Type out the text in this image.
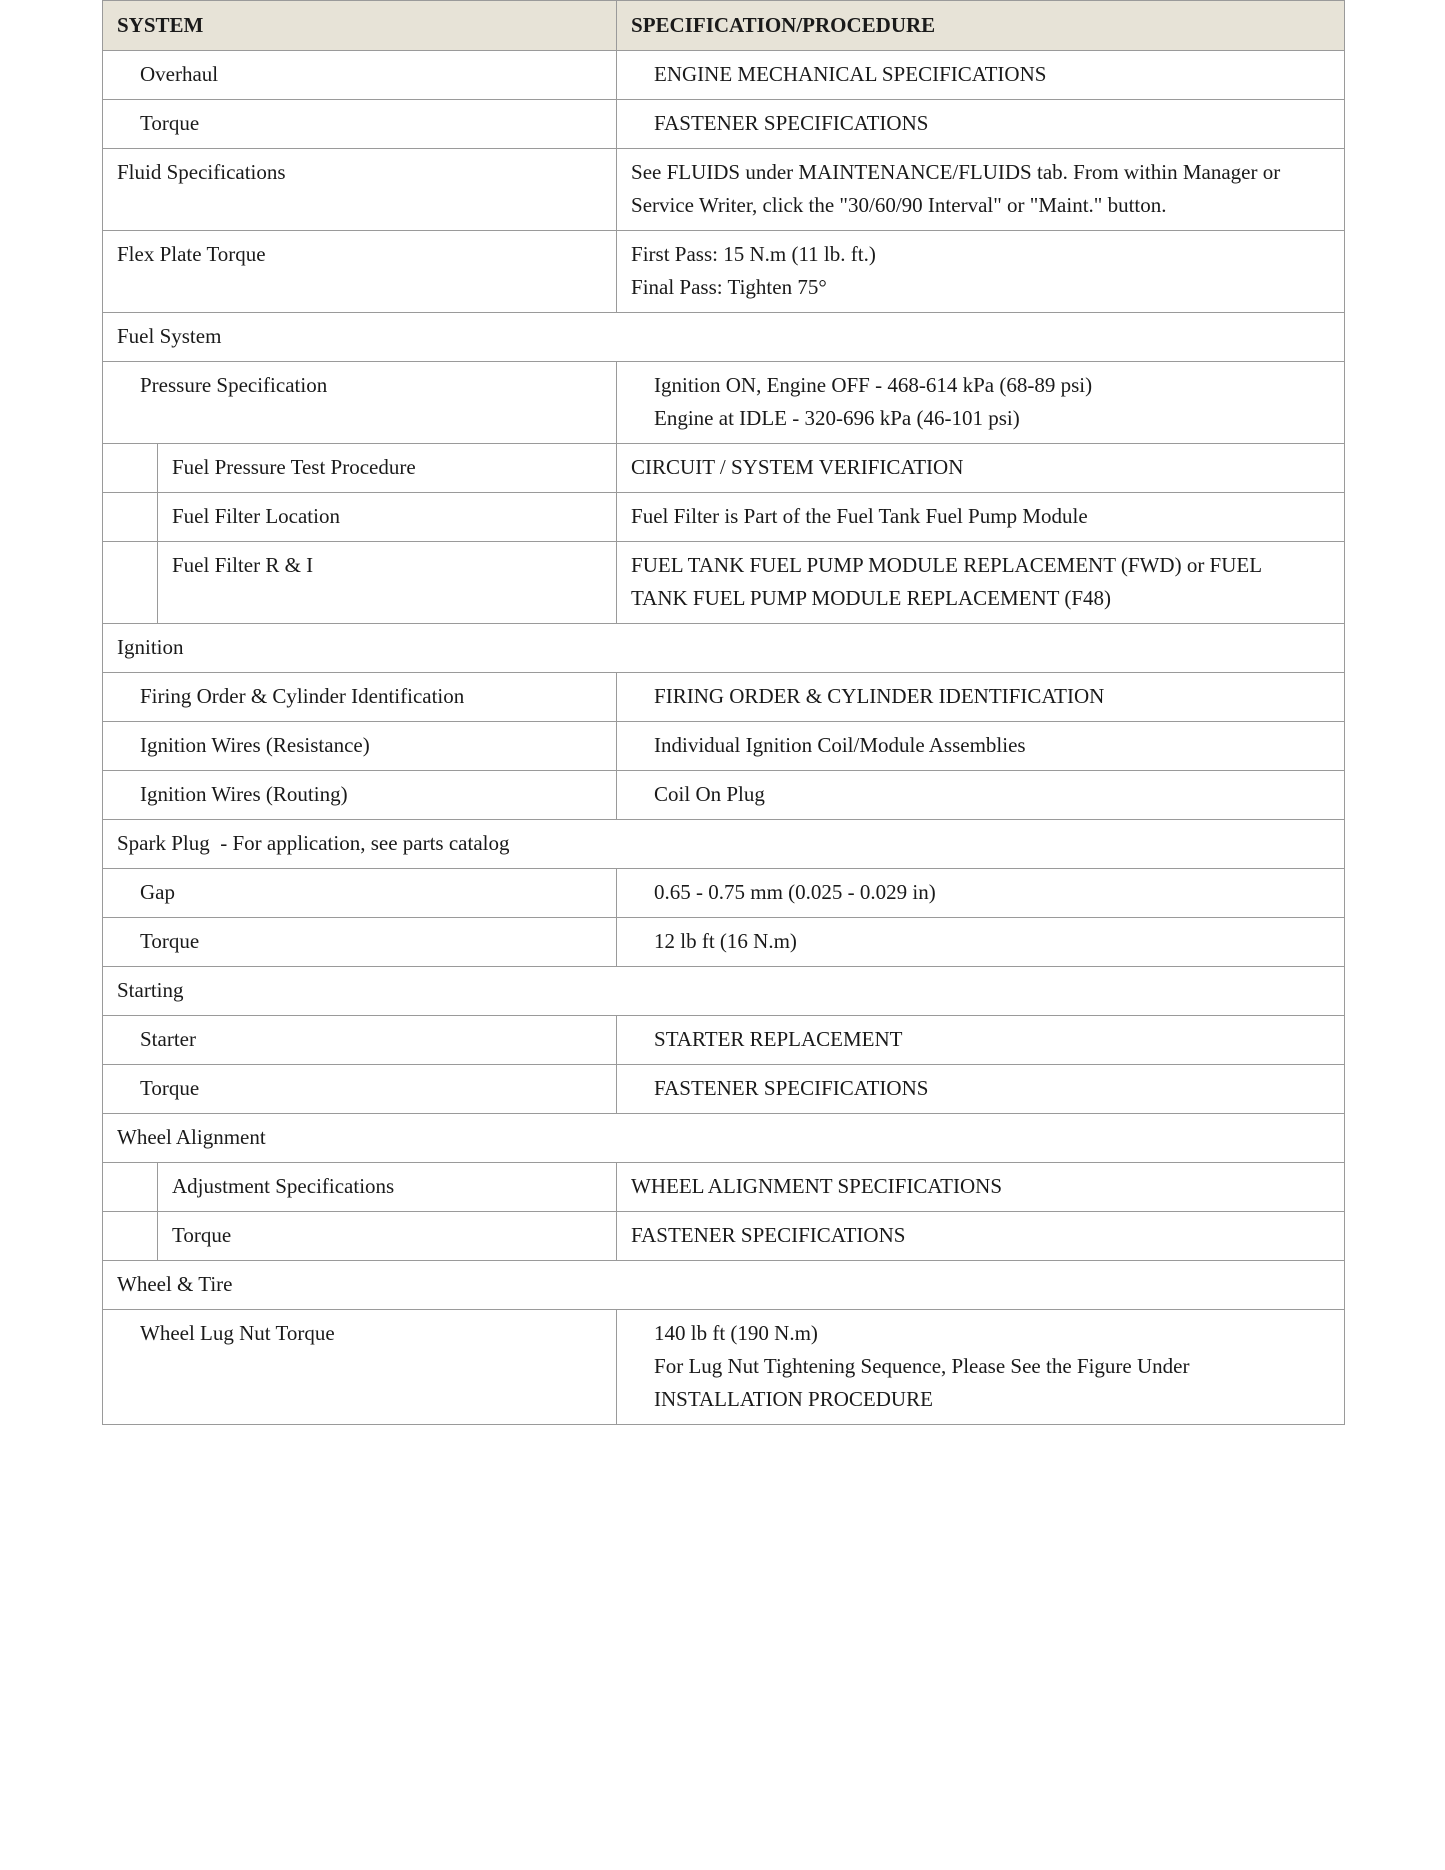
SYSTEM		SPECIFICATION/PROCEDURE
Overhaul		ENGINE MECHANICAL SPECIFICATIONS
Torque		FASTENER SPECIFICATIONS
Fluid Specifications		See FLUIDS under MAINTENANCE/FLUIDS tab. From within Manager or
Service Writer, click the "30/60/90 Interval" or "Maint." button.

Flex Plate Torque		First Pass: 15 N.m (11 lb. ft.)
Final Pass: Tighten 75°

Fuel System		
Pressure Specification		Ignition ON, Engine OFF - 468-614 kPa (68-89 psi)
Engine at IDLE - 320-696 kPa (46-101 psi)

	Fuel Pressure Test Procedure	CIRCUIT / SYSTEM VERIFICATION
	Fuel Filter Location	Fuel Filter is Part of the Fuel Tank Fuel Pump Module
	Fuel Filter R & I	FUEL TANK FUEL PUMP MODULE REPLACEMENT (FWD) or FUEL
TANK FUEL PUMP MODULE REPLACEMENT (F48)

Ignition		
Firing Order & Cylinder Identification		FIRING ORDER & CYLINDER IDENTIFICATION
Ignition Wires (Resistance)		Individual Ignition Coil/Module Assemblies
Ignition Wires (Routing)		Coil On Plug
Spark Plug  - For application, see parts catalog		
Gap		0.65 - 0.75 mm (0.025 - 0.029 in)
Torque		12 lb ft (16 N.m)
Starting		
Starter		STARTER REPLACEMENT
Torque		FASTENER SPECIFICATIONS
Wheel Alignment		
	Adjustment Specifications	WHEEL ALIGNMENT SPECIFICATIONS
	Torque	FASTENER SPECIFICATIONS
Wheel & Tire		
Wheel Lug Nut Torque		140 lb ft (190 N.m)
For Lug Nut Tightening Sequence, Please See the Figure Under
INSTALLATION PROCEDURE
